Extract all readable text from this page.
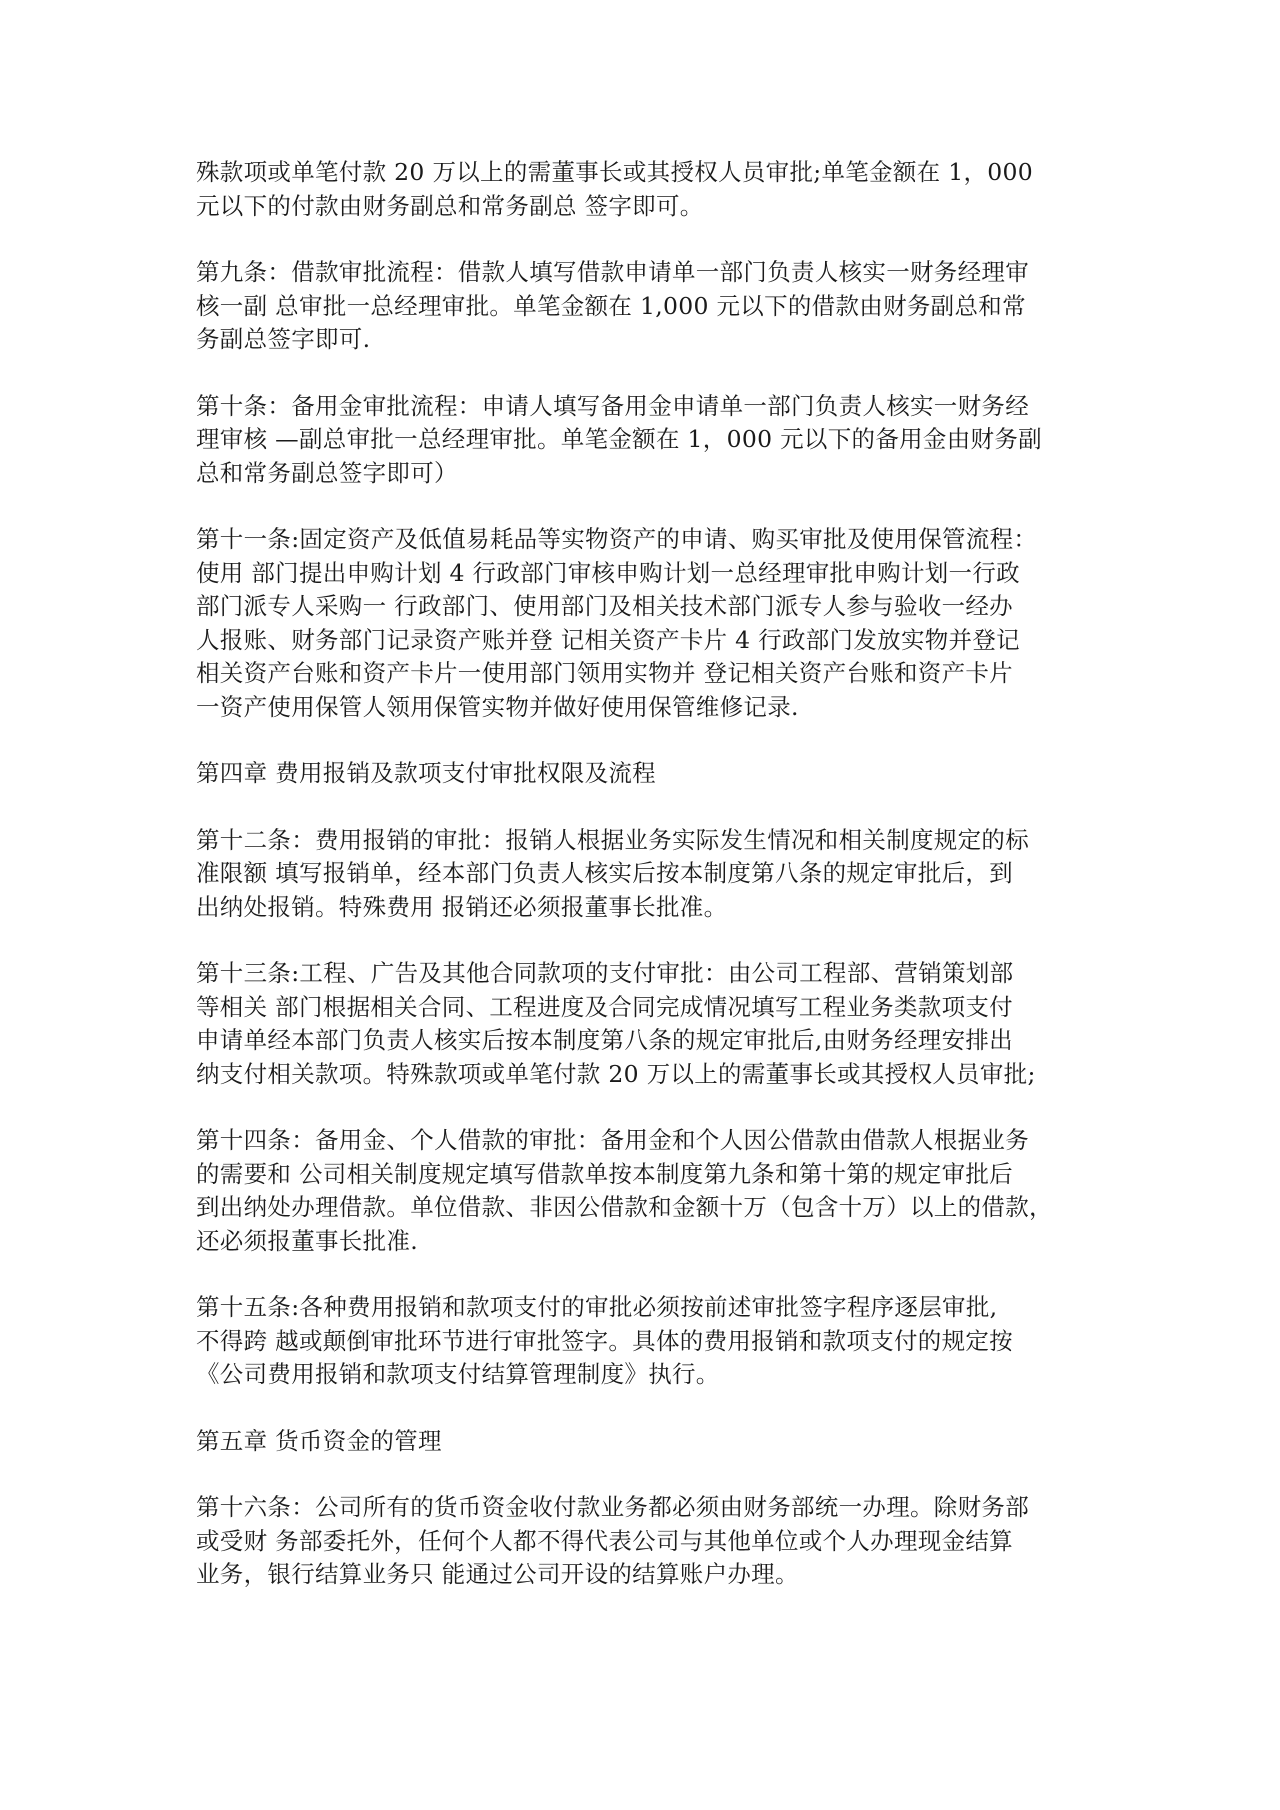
殊款项或单笔付款 20 万以上的需董事长或其授权人员审批;单笔金额在 1，000
元以下的付款由财务副总和常务副总 签字即可。

第九条：借款审批流程：借款人填写借款申请单一部门负责人核实一财务经理审
核一副 总审批一总经理审批。单笔金额在 1,000 元以下的借款由财务副总和常
务副总签字即可.

第十条：备用金审批流程：申请人填写备用金申请单一部门负责人核实一财务经
理审核 —副总审批一总经理审批。单笔金额在 1，000 元以下的备用金由财务副
总和常务副总签字即可）

第十一条:固定资产及低值易耗品等实物资产的申请、购买审批及使用保管流程：
使用 部门提出申购计划 4 行政部门审核申购计划一总经理审批申购计划一行政
部门派专人采购一 行政部门、使用部门及相关技术部门派专人参与验收一经办
人报账、财务部门记录资产账并登 记相关资产卡片 4 行政部门发放实物并登记
相关资产台账和资产卡片一使用部门领用实物并 登记相关资产台账和资产卡片
一资产使用保管人领用保管实物并做好使用保管维修记录.

第四章 费用报销及款项支付审批权限及流程

第十二条：费用报销的审批：报销人根据业务实际发生情况和相关制度规定的标
准限额 填写报销单，经本部门负责人核实后按本制度第八条的规定审批后，到
出纳处报销。特殊费用 报销还必须报董事长批准。

第十三条:工程、广告及其他合同款项的支付审批：由公司工程部、营销策划部
等相关 部门根据相关合同、工程进度及合同完成情况填写工程业务类款项支付
申请单经本部门负责人核实后按本制度第八条的规定审批后,由财务经理安排出
纳支付相关款项。特殊款项或单笔付款 20 万以上的需董事长或其授权人员审批;

第十四条：备用金、个人借款的审批：备用金和个人因公借款由借款人根据业务
的需要和 公司相关制度规定填写借款单按本制度第九条和第十第的规定审批后
到出纳处办理借款。单位借款、非因公借款和金额十万（包含十万）以上的借款，
还必须报董事长批准.

第十五条:各种费用报销和款项支付的审批必须按前述审批签字程序逐层审批,
不得跨 越或颠倒审批环节进行审批签字。具体的费用报销和款项支付的规定按
《公司费用报销和款项支付结算管理制度》执行。

第五章 货币资金的管理

第十六条：公司所有的货币资金收付款业务都必须由财务部统一办理。除财务部
或受财 务部委托外，任何个人都不得代表公司与其他单位或个人办理现金结算
业务，银行结算业务只 能通过公司开设的结算账户办理。
